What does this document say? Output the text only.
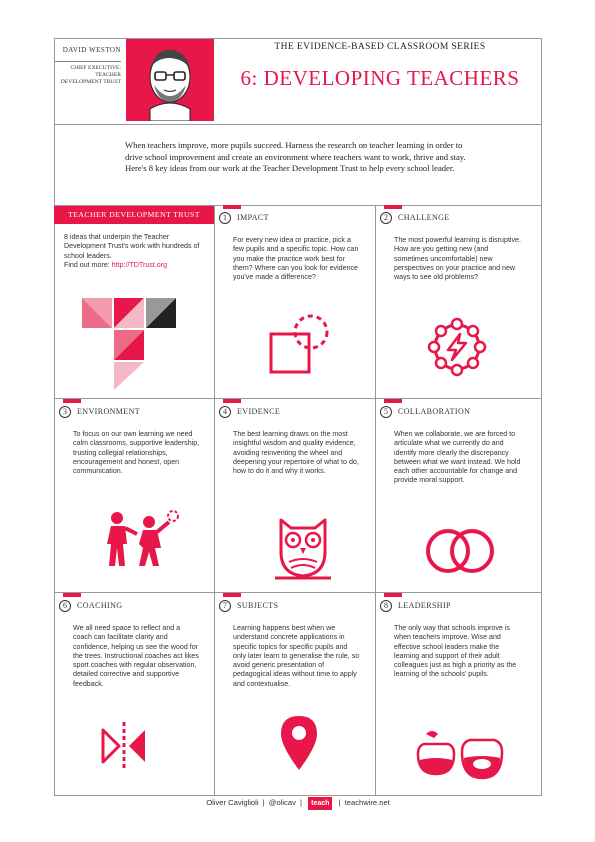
DAVID WESTON
CHIEF EXECUTIVE: TEACHER DEVELOPMENT TRUST
THE EVIDENCE-BASED CLASSROOM SERIES
6: DEVELOPING TEACHERS
When teachers improve, more pupils succeed. Harness the research on teacher learning in order to drive school improvement and create an environment where teachers want to work, thrive and stay. Here's 8 key ideas from our work at the Teacher Development Trust to help every school leader.
TEACHER DEVELOPMENT TRUST
8 ideas that underpin the Teacher Development Trust's work with hundreds of school leaders.
Find out more: http://TDTrust.org
1	IMPACT
For every new idea or practice, pick a few pupils and a specific topic. How can you make the practice work best for them? Where can you look for evidence you've made a difference?
2	CHALLENGE
The most powerful learning is disruptive. How are you getting new (and sometimes uncomfortable) new perspectives on your practice and new ways to see old problems?
3	ENVIRONMENT
To focus on our own learning we need calm classrooms, supportive leadership, trusting collegial relationships, encouragement and honest, open communication.
4	EVIDENCE
The best learning draws on the most insightful wisdom and quality evidence, avoiding reinventing the wheel and deepening your repertoire of what to do, how to do it and why it works.
5	COLLABORATION
When we collaborate, we are forced to articulate what we currently do and identify more clearly the discrepancy between what we want instead. We hold each other accountable for change and provide moral support.
6	COACHING
We all need space to reflect and a coach can facilitate clarity and confidence, helping us see the wood for the trees. Instructional coaches act likes sport coaches with regular observation, detailed corrective and supportive feedback.
7	SUBJECTS
Learning happens best when we understand concrete applications in specific topics for specific pupils and only later learn to generalise the rule, so avoid generic presentation of pedagogical ideas without time to apply and contextualise.
8	LEADERSHIP
The only way that schools improve is when teachers improve. Wise and effective school leaders make the learning and support of their adult colleagues just as high a priority as the learning of the schools' pupils.
Oliver Caviglioli | @olicav | teach | teachwire.net
